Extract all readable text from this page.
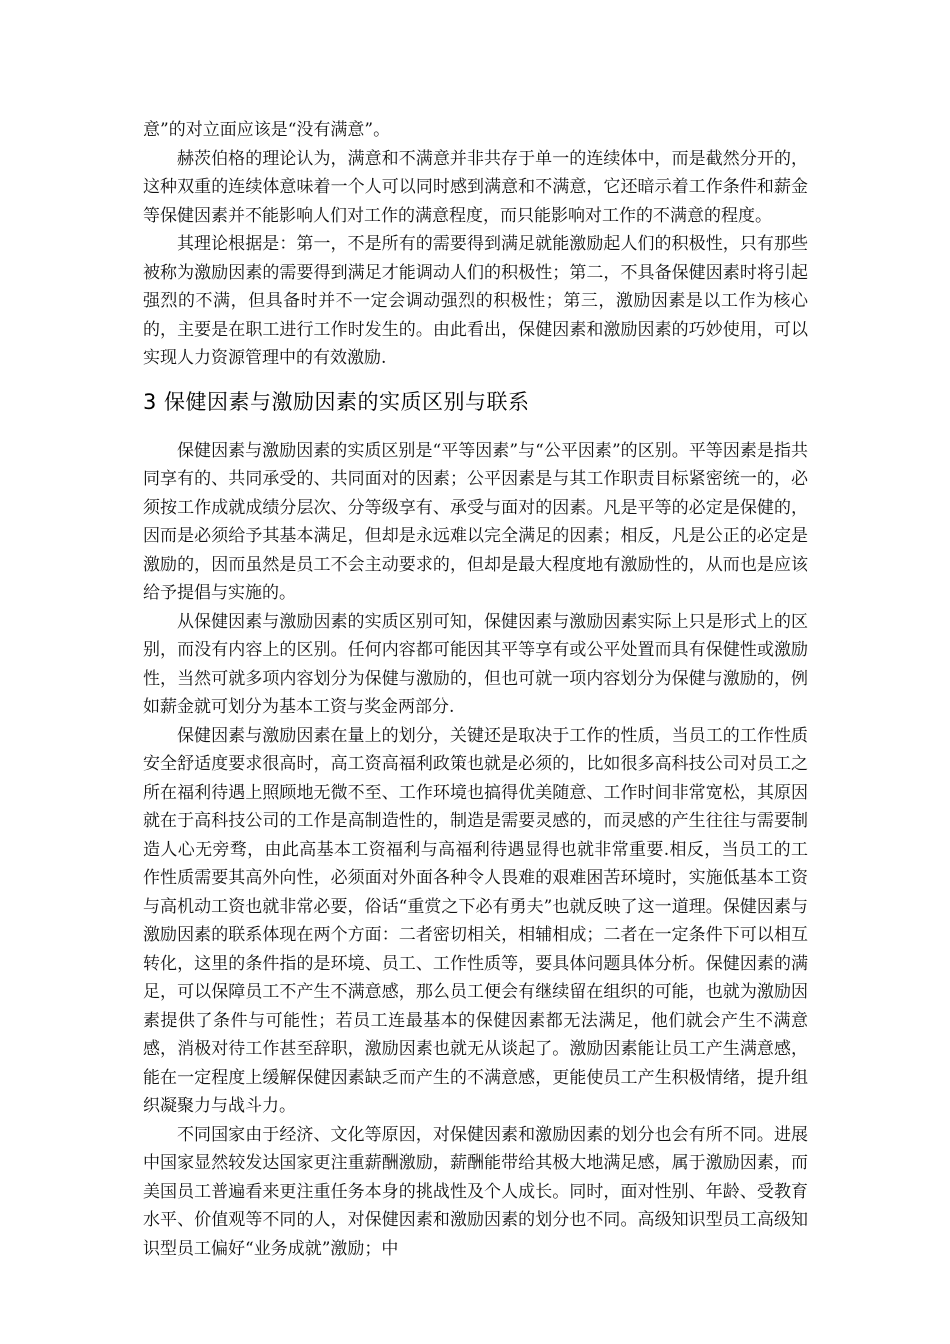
意”的对立面应该是“没有满意”。

赫茨伯格的理论认为，满意和不满意并非共存于单一的连续体中，而是截然分开的，这种双重的连续体意味着一个人可以同时感到满意和不满意，它还暗示着工作条件和薪金等保健因素并不能影响人们对工作的满意程度，而只能影响对工作的不满意的程度。

其理论根据是：第一，不是所有的需要得到满足就能激励起人们的积极性，只有那些被称为激励因素的需要得到满足才能调动人们的积极性；第二，不具备保健因素时将引起强烈的不满，但具备时并不一定会调动强烈的积极性；第三，激励因素是以工作为核心的，主要是在职工进行工作时发生的。由此看出，保健因素和激励因素的巧妙使用，可以实现人力资源管理中的有效激励.

3 保健因素与激励因素的实质区别与联系

保健因素与激励因素的实质区别是“平等因素”与“公平因素”的区别。平等因素是指共同享有的、共同承受的、共同面对的因素；公平因素是与其工作职责目标紧密统一的，必须按工作成就成绩分层次、分等级享有、承受与面对的因素。凡是平等的必定是保健的，因而是必须给予其基本满足，但却是永远难以完全满足的因素；相反，凡是公正的必定是激励的，因而虽然是员工不会主动要求的，但却是最大程度地有激励性的，从而也是应该给予提倡与实施的。

从保健因素与激励因素的实质区别可知，保健因素与激励因素实际上只是形式上的区别，而没有内容上的区别。任何内容都可能因其平等享有或公平处置而具有保健性或激励性，当然可就多项内容划分为保健与激励的，但也可就一项内容划分为保健与激励的，例如薪金就可划分为基本工资与奖金两部分.

保健因素与激励因素在量上的划分，关键还是取决于工作的性质，当员工的工作性质安全舒适度要求很高时，高工资高福利政策也就是必须的，比如很多高科技公司对员工之所在福利待遇上照顾地无微不至、工作环境也搞得优美随意、工作时间非常宽松，其原因就在于高科技公司的工作是高制造性的，制造是需要灵感的，而灵感的产生往往与需要制造人心无旁骛，由此高基本工资福利与高福利待遇显得也就非常重要.相反，当员工的工作性质需要其高外向性，必须面对外面各种令人畏难的艰难困苦环境时，实施低基本工资与高机动工资也就非常必要，俗话“重赏之下必有勇夫”也就反映了这一道理。保健因素与激励因素的联系体现在两个方面：二者密切相关，相辅相成；二者在一定条件下可以相互转化，这里的条件指的是环境、员工、工作性质等，要具体问题具体分析。保健因素的满足，可以保障员工不产生不满意感，那么员工便会有继续留在组织的可能，也就为激励因素提供了条件与可能性；若员工连最基本的保健因素都无法满足，他们就会产生不满意感，消极对待工作甚至辞职，激励因素也就无从谈起了。激励因素能让员工产生满意感，能在一定程度上缓解保健因素缺乏而产生的不满意感，更能使员工产生积极情绪，提升组织凝聚力与战斗力。

不同国家由于经济、文化等原因，对保健因素和激励因素的划分也会有所不同。进展中国家显然较发达国家更注重薪酬激励，薪酬能带给其极大地满足感，属于激励因素，而美国员工普遍看来更注重任务本身的挑战性及个人成长。同时，面对性别、年龄、受教育水平、价值观等不同的人，对保健因素和激励因素的划分也不同。高级知识型员工高级知识型员工偏好“业务成就”激励；中
